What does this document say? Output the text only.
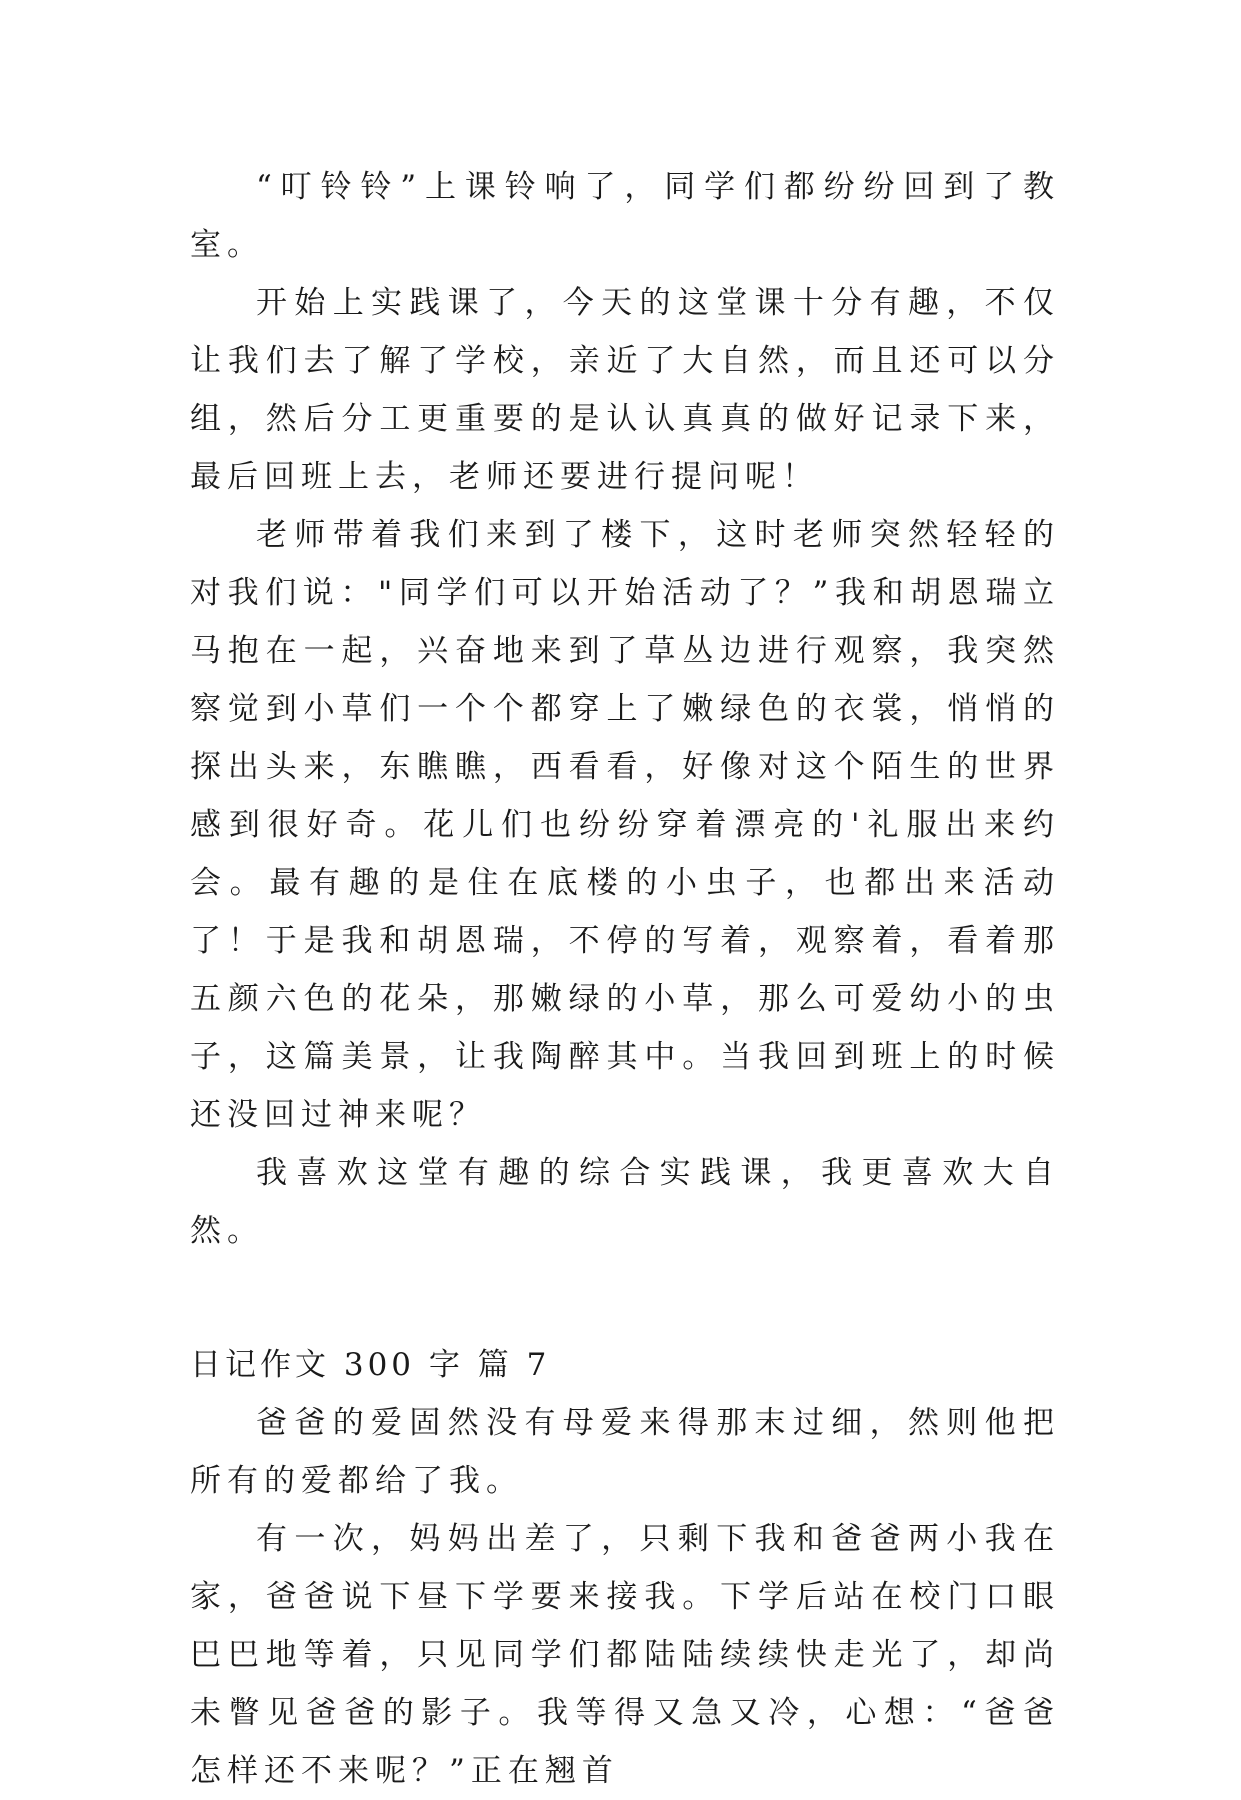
“叮铃铃”上课铃响了，同学们都纷纷回到了教室。

开始上实践课了，今天的这堂课十分有趣，不仅让我们去了解了学校，亲近了大自然，而且还可以分组，然后分工更重要的是认认真真的做好记录下来，最后回班上去，老师还要进行提问呢！

老师带着我们来到了楼下，这时老师突然轻轻的对我们说："同学们可以开始活动了？”我和胡恩瑞立马抱在一起，兴奋地来到了草丛边进行观察，我突然察觉到小草们一个个都穿上了嫩绿色的衣裳，悄悄的探出头来，东瞧瞧，西看看，好像对这个陌生的世界感到很好奇。花儿们也纷纷穿着漂亮的'礼服出来约会。最有趣的是住在底楼的小虫子，也都出来活动了！于是我和胡恩瑞，不停的写着，观察着，看着那五颜六色的花朵，那嫩绿的小草，那么可爱幼小的虫子，这篇美景，让我陶醉其中。当我回到班上的时候还没回过神来呢？

我喜欢这堂有趣的综合实践课，我更喜欢大自然。

日记作文 300 字 篇 7

爸爸的爱固然没有母爱来得那末过细，然则他把所有的爱都给了我。

有一次，妈妈出差了，只剩下我和爸爸两小我在家，爸爸说下昼下学要来接我。下学后站在校门口眼巴巴地等着，只见同学们都陆陆续续快走光了，却尚未瞥见爸爸的影子。我等得又急又冷，心想：“爸爸怎样还不来呢？”正在翘首
